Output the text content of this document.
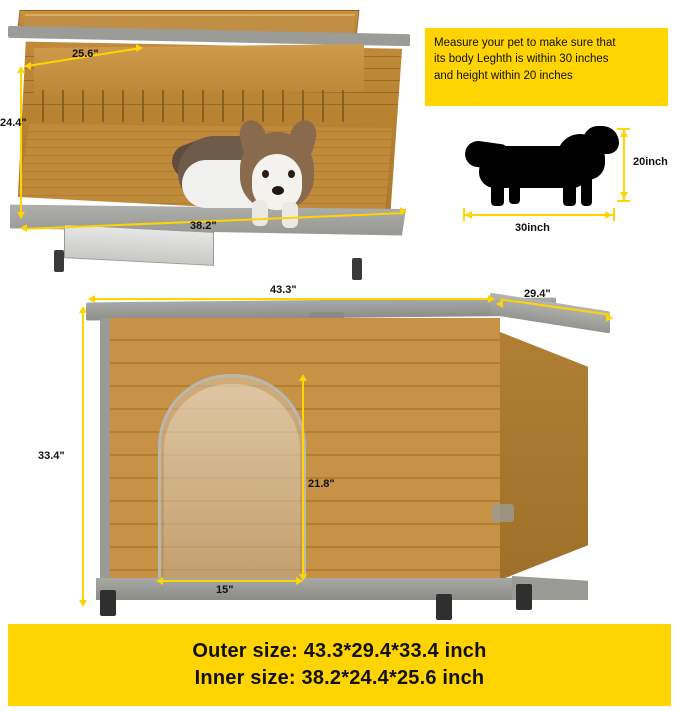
25.6"
24.4"
38.2"
Measure your pet to make sure that
its body Leghth is within 30 inches
and height within 20 inches
20inch
30inch
43.3"	29.4"
33.4"
21.8"
15"
Outer size: 43.3*29.4*33.4 inch
Inner size: 38.2*24.4*25.6 inch
